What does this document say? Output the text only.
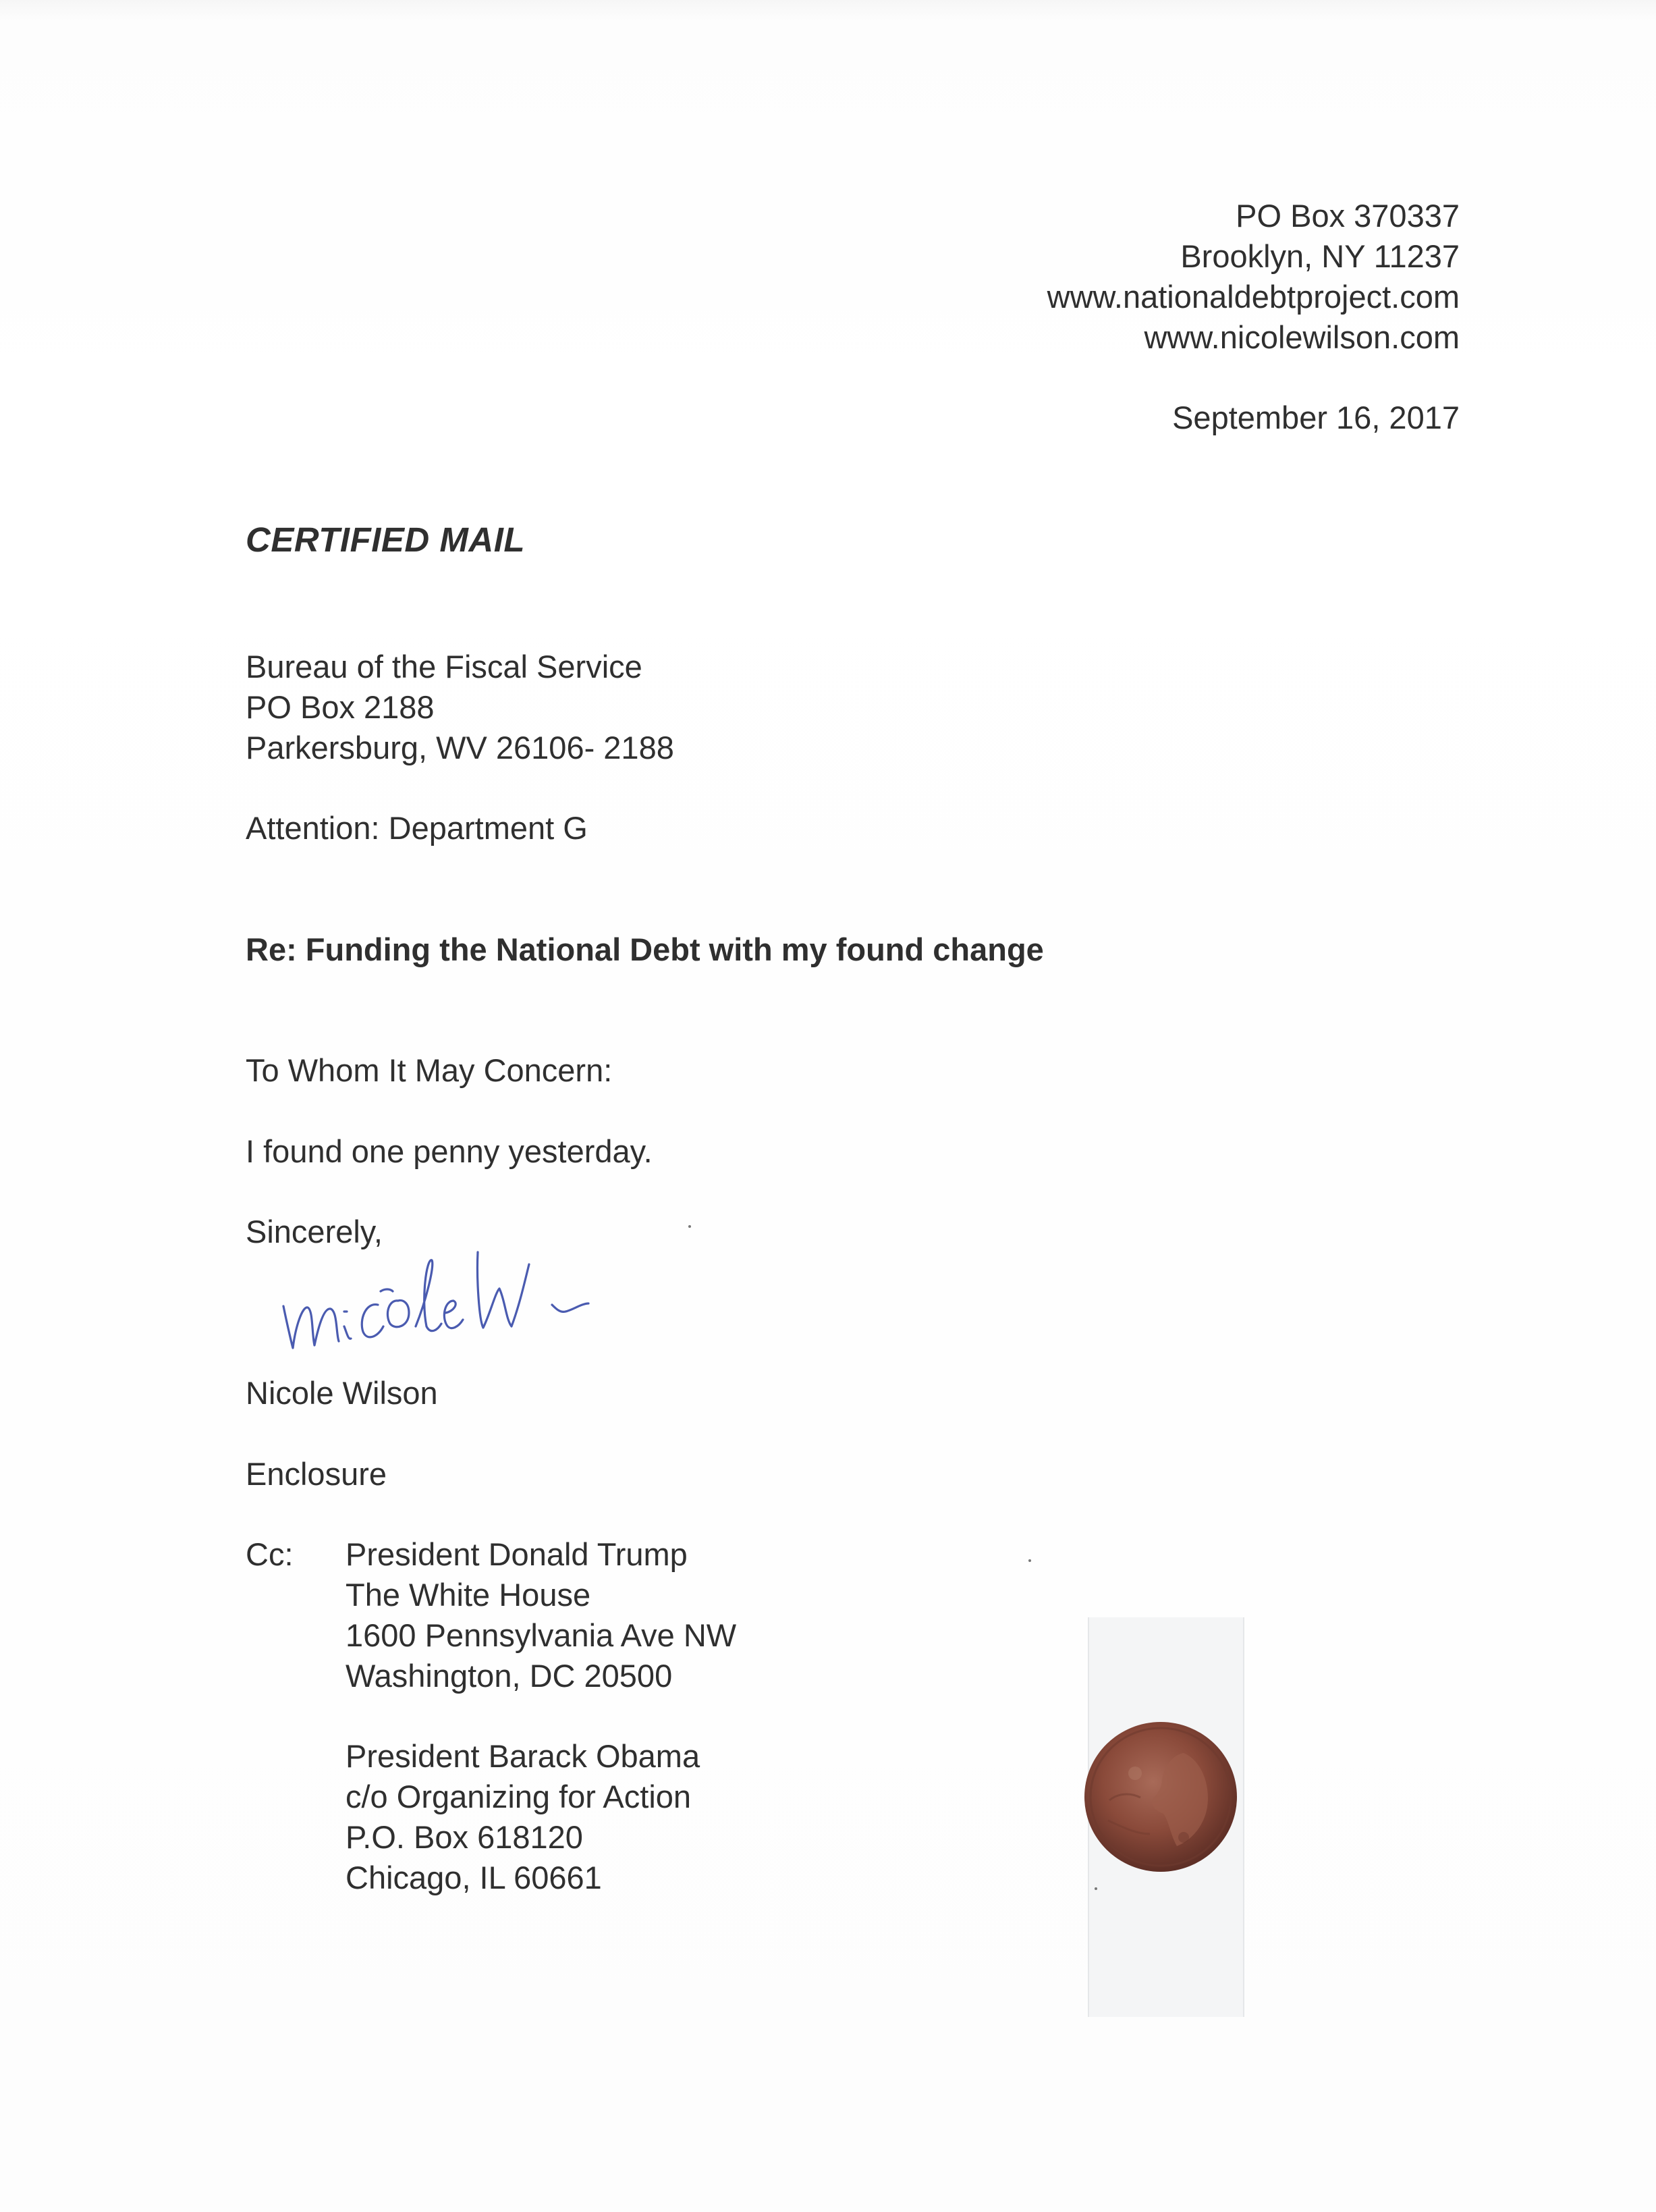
PO Box 370337
Brooklyn, NY 11237
www.nationaldebtproject.com
www.nicolewilson.com
September 16, 2017
CERTIFIED MAIL
Bureau of the Fiscal Service
PO Box 2188
Parkersburg, WV 26106- 2188
Attention: Department G
Re: Funding the National Debt with my found change
To Whom It May Concern:
I found one penny yesterday.
Sincerely,
Nicole Wilson
Enclosure
Cc: President Donald Trump
The White House
1600 Pennsylvania Ave NW
Washington, DC 20500
President Barack Obama
c/o Organizing for Action
P.O. Box 618120
Chicago, IL 60661
